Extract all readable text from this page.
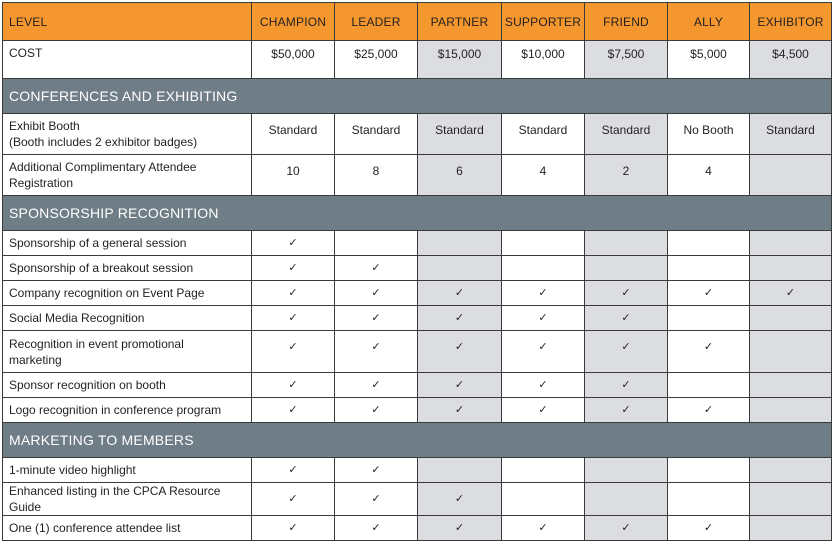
LEVEL	CHAMPION	LEADER	PARTNER	SUPPORTER	FRIEND	ALLY	EXHIBITOR
COST	$50,000	$25,000	$15,000	$10,000	$7,500	$5,000	$4,500
CONFERENCES AND EXHIBITING							
Exhibit Booth
(Booth includes 2 exhibitor badges)	Standard	Standard	Standard	Standard	Standard	No Booth	Standard
Additional Complimentary Attendee
Registration	10	8	6	4	2	4	
SPONSORSHIP RECOGNITION							
Sponsorship of a general session	✓						
Sponsorship of a breakout session	✓	✓					
Company recognition on Event Page	✓	✓	✓	✓	✓	✓	✓
Social Media Recognition	✓	✓	✓	✓	✓		
Recognition in event promotional
marketing	✓	✓	✓	✓	✓	✓	
Sponsor recognition on booth	✓	✓	✓	✓	✓		
Logo recognition in conference program	✓	✓	✓	✓	✓	✓	
MARKETING TO MEMBERS							
1-minute video highlight	✓	✓					
Enhanced listing in the CPCA Resource Guide	✓	✓	✓				
One (1) conference attendee list	✓	✓	✓	✓	✓	✓	
